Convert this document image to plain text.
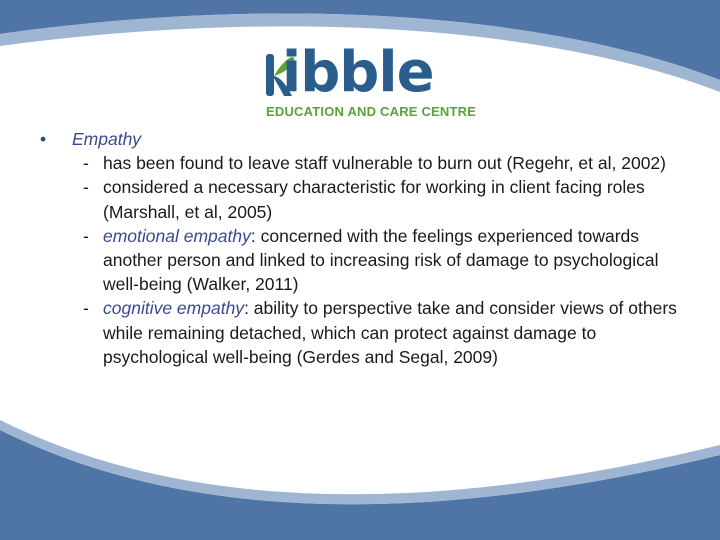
ibble
EDUCATION AND CARE CENTRE
•	Empathy
- has been found to leave staff vulnerable to burn out (Regehr, et al, 2002)
- considered a necessary characteristic for working in client facing roles (Marshall, et al, 2005)
- emotional empathy: concerned with the feelings experienced towards another person and linked to increasing risk of damage to psychological well-being (Walker, 2011)
- cognitive empathy: ability to perspective take and consider views of others while remaining detached, which can protect against damage to psychological well-being (Gerdes and Segal, 2009)
